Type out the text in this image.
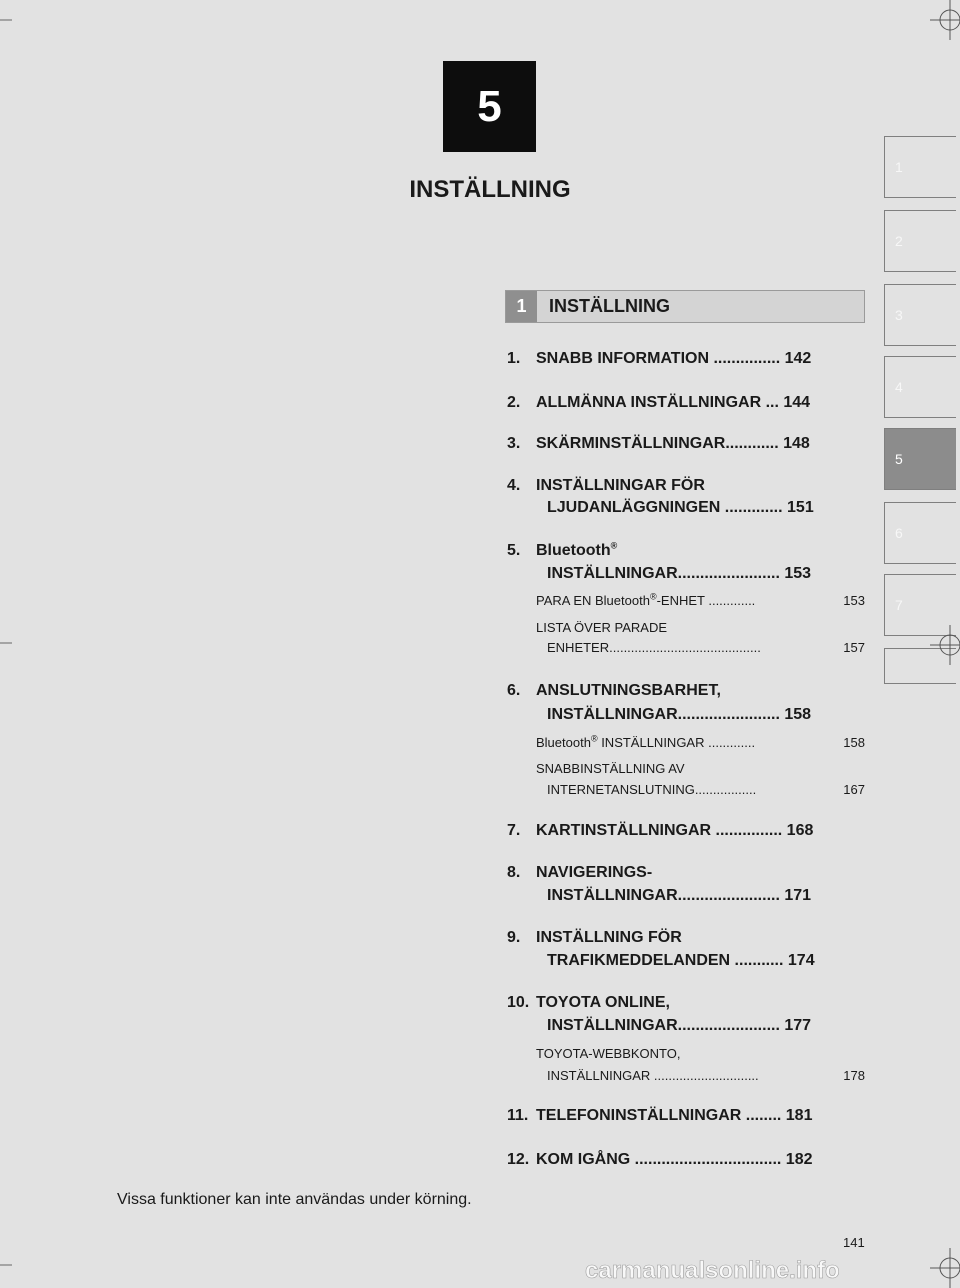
5
INSTÄLLNING
1
2
3
4
5
6
7
1	INSTÄLLNING
1. SNABB INFORMATION ............... 142
2. ALLMÄNNA INSTÄLLNINGAR ... 144
3. SKÄRMINSTÄLLNINGAR............ 148
4. INSTÄLLNINGAR FÖR
LJUDANLÄGGNINGEN ............. 151
5. Bluetooth®
INSTÄLLNINGAR....................... 153
PARA EN Bluetooth®-ENHET .............	153
LISTA ÖVER PARADE
ENHETER..........................................	157
6. ANSLUTNINGSBARHET,
INSTÄLLNINGAR....................... 158
Bluetooth® INSTÄLLNINGAR .............	158
SNABBINSTÄLLNING AV
INTERNETANSLUTNING.................	167
7. KARTINSTÄLLNINGAR ............... 168
8. NAVIGERINGS-
INSTÄLLNINGAR....................... 171
9. INSTÄLLNING FÖR
TRAFIKMEDDELANDEN ........... 174
10. TOYOTA ONLINE,
INSTÄLLNINGAR....................... 177
TOYOTA-WEBBKONTO,
INSTÄLLNINGAR .............................	178
11. TELEFONINSTÄLLNINGAR ........ 181
12. KOM IGÅNG ................................. 182
Vissa funktioner kan inte användas under körning.
141
carmanualsonline.info
